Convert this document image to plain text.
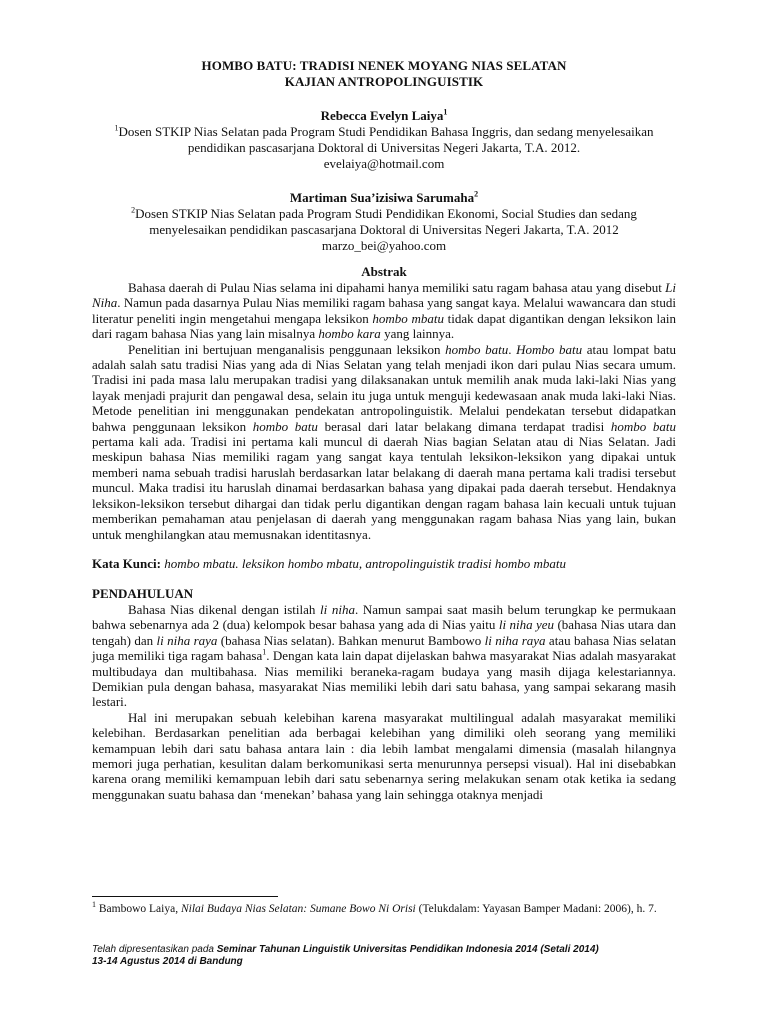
HOMBO BATU: TRADISI NENEK MOYANG NIAS SELATAN
KAJIAN ANTROPOLINGUISTIK
Rebecca Evelyn Laiya$^1$
$^1$Dosen STKIP Nias Selatan pada Program Studi Pendidikan Bahasa Inggris, dan sedang menyelesaikan
pendidikan pascasarjana Doktoral di Universitas Negeri Jakarta, T.A. 2012.
evelaiya@hotmail.com
Martiman Sua’izisiwa Sarumaha$^2$
$^2$Dosen STKIP Nias Selatan pada Program Studi Pendidikan Ekonomi, Social Studies dan sedang
menyelesaikan pendidikan pascasarjana Doktoral di Universitas Negeri Jakarta, T.A. 2012
marzo_bei@yahoo.com
Abstrak

Bahasa daerah di Pulau Nias selama ini dipahami hanya memiliki satu ragam bahasa atau yang disebut Li Niha. Namun pada dasarnya Pulau Nias memiliki ragam bahasa yang sangat kaya. Melalui wawancara dan studi literatur peneliti ingin mengetahui mengapa leksikon hombo mbatu tidak dapat digantikan dengan leksikon lain dari ragam bahasa Nias yang lain misalnya hombo kara yang lainnya.

Penelitian ini bertujuan menganalisis penggunaan leksikon hombo batu. Hombo batu atau lompat batu adalah salah satu tradisi Nias yang ada di Nias Selatan yang telah menjadi ikon dari pulau Nias secara umum. Tradisi ini pada masa lalu merupakan tradisi yang dilaksanakan untuk memilih anak muda laki-laki Nias yang layak menjadi prajurit dan pengawal desa, selain itu juga untuk menguji kedewasaan anak muda laki-laki Nias. Metode penelitian ini menggunakan pendekatan antropolinguistik. Melalui pendekatan tersebut didapatkan bahwa penggunaan leksikon hombo batu berasal dari latar belakang dimana terdapat tradisi hombo batu pertama kali ada. Tradisi ini pertama kali muncul di daerah Nias bagian Selatan atau di Nias Selatan. Jadi meskipun bahasa Nias memiliki ragam yang sangat kaya tentulah leksikon-leksikon yang dipakai untuk memberi nama sebuah tradisi haruslah berdasarkan latar belakang di daerah mana pertama kali tradisi tersebut muncul. Maka tradisi itu haruslah dinamai berdasarkan bahasa yang dipakai pada daerah tersebut. Hendaknya leksikon-leksikon tersebut dihargai dan tidak perlu digantikan dengan ragam bahasa lain kecuali untuk tujuan memberikan pemahaman atau penjelasan di daerah yang menggunakan ragam bahasa Nias yang lain, bukan untuk menghilangkan atau memusnakan identitasnya.

Kata Kunci: hombo mbatu. leksikon hombo mbatu, antropolinguistik tradisi hombo mbatu
PENDAHULUAN

Bahasa Nias dikenal dengan istilah li niha. Namun sampai saat masih belum terungkap ke permukaan bahwa sebenarnya ada 2 (dua) kelompok besar bahasa yang ada di Nias yaitu li niha yeu (bahasa Nias utara dan tengah) dan li niha raya (bahasa Nias selatan). Bahkan menurut Bambowo li niha raya atau bahasa Nias selatan juga memiliki tiga ragam bahasa$^1$. Dengan kata lain dapat dijelaskan bahwa masyarakat Nias adalah masyarakat multibudaya dan multibahasa. Nias memiliki beraneka-ragam budaya yang masih dijaga kelestariannya. Demikian pula dengan bahasa, masyarakat Nias memiliki lebih dari satu bahasa, yang sampai sekarang masih lestari.

Hal ini merupakan sebuah kelebihan karena masyarakat multilingual adalah masyarakat memiliki kelebihan. Berdasarkan penelitian ada berbagai kelebihan yang dimiliki oleh seorang yang memiliki kemampuan lebih dari satu bahasa antara lain : dia lebih lambat mengalami dimensia (masalah hilangnya memori juga perhatian, kesulitan dalam berkomunikasi serta menurunnya persepsi visual). Hal ini disebabkan karena orang memiliki kemampuan lebih dari satu sebenarnya sering melakukan senam otak ketika ia sedang menggunakan suatu bahasa dan ‘menekan’ bahasa yang lain sehingga otaknya menjadi

$^1$ Bambowo Laiya, Nilai Budaya Nias Selatan: Sumane Bowo Ni Orisi (Telukdalam: Yayasan Bamper Madani: 2006), h. 7.
Telah dipresentasikan pada Seminar Tahunan Linguistik Universitas Pendidikan Indonesia 2014 (Setali 2014)
13-14 Agustus 2014 di Bandung
